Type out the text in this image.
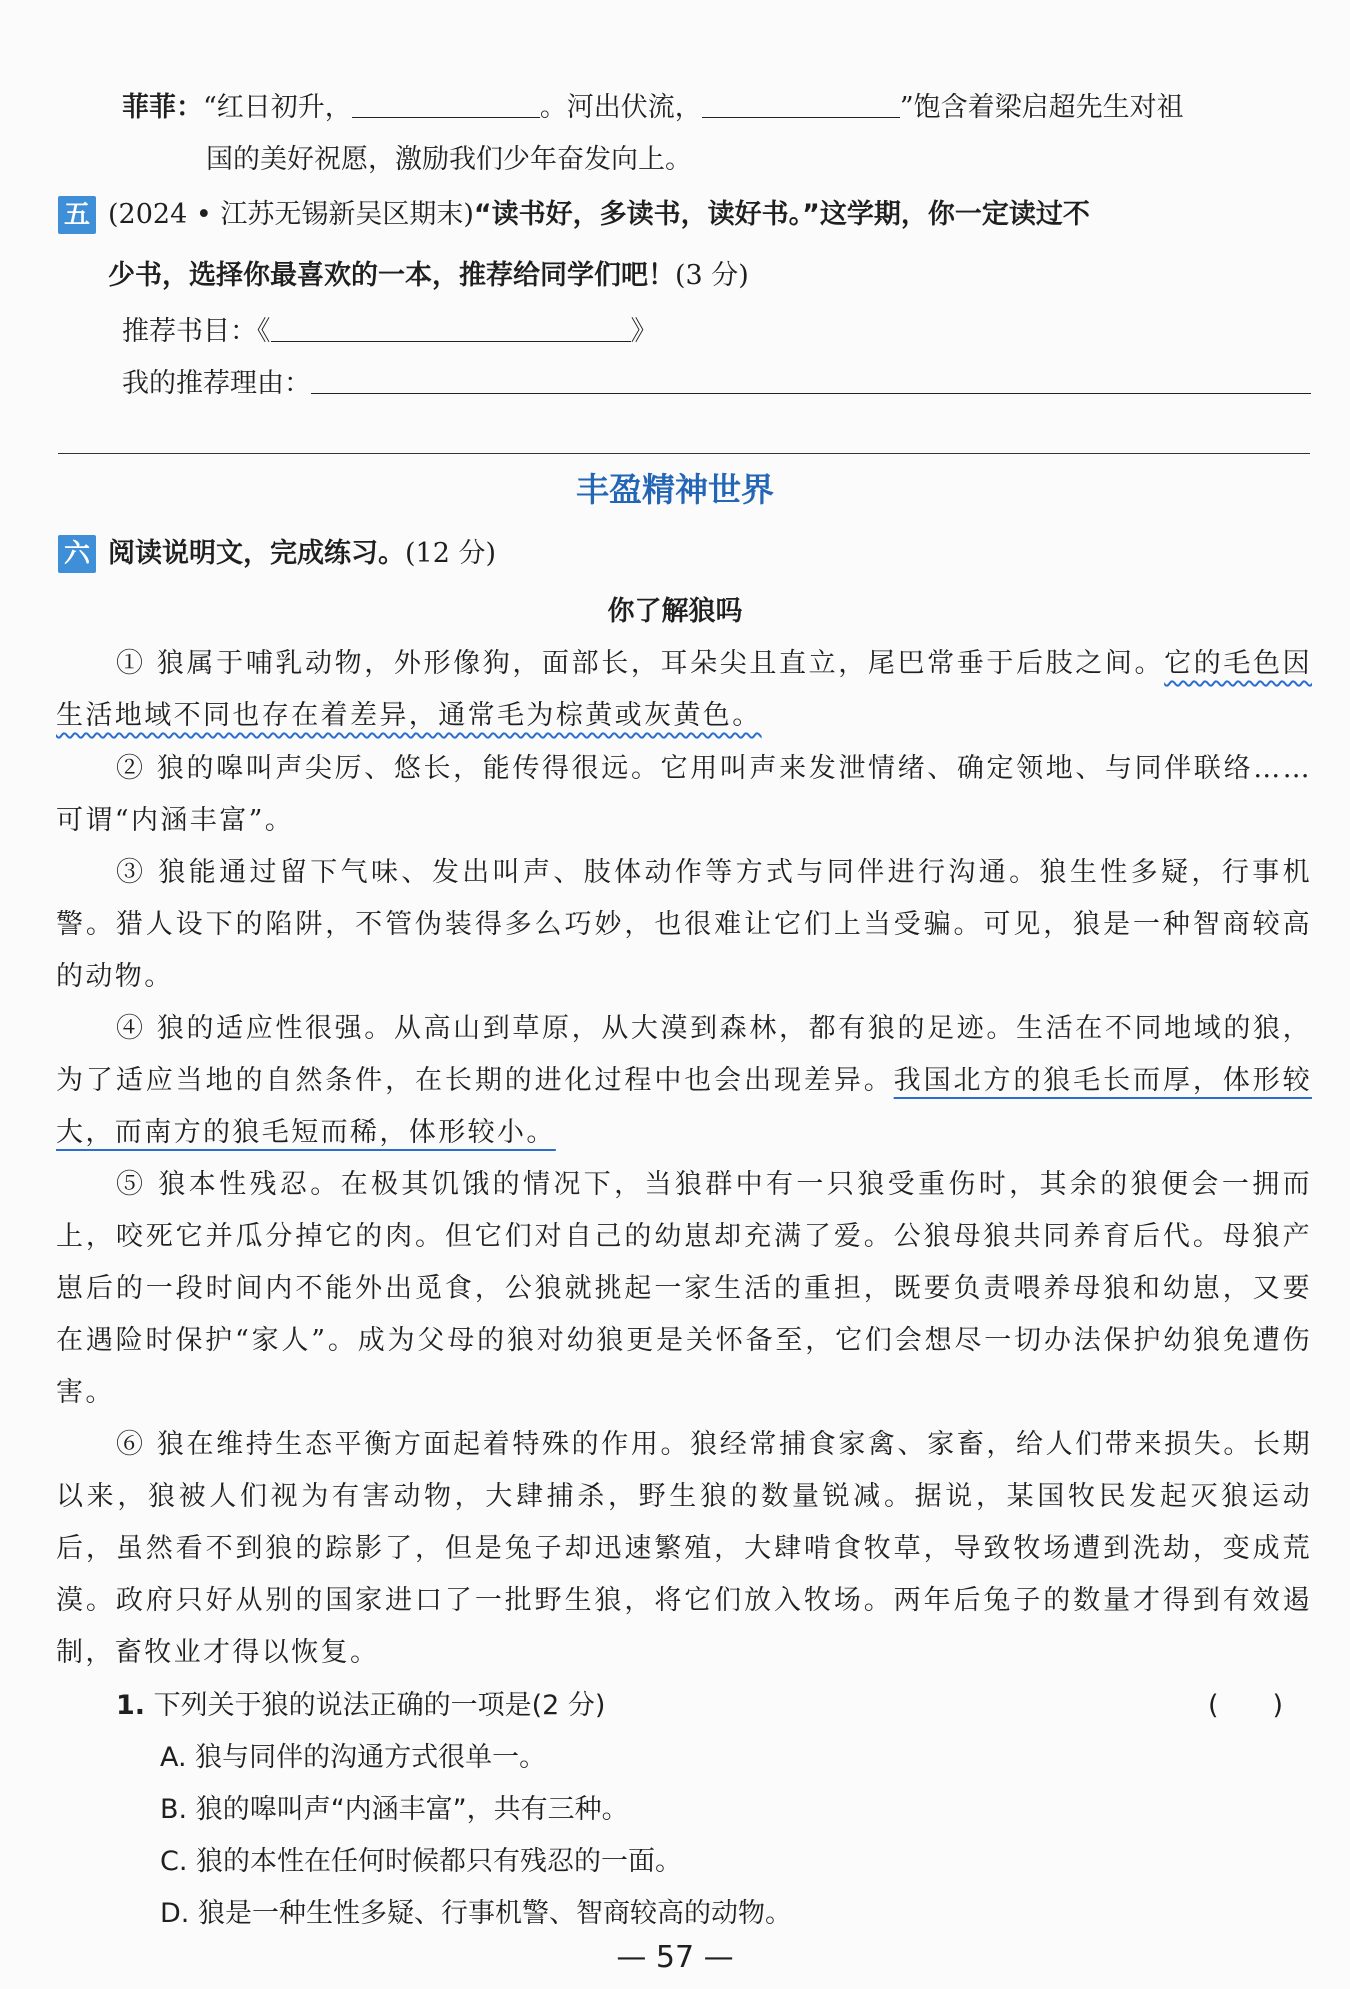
菲菲：“红日初升，	。河出伏流，	”饱含着梁启超先生对祖
国的美好祝愿，激励我们少年奋发向上。
五 (2024 • 江苏无锡新吴区期末)“读书好，多读书，读好书。”这学期，你一定读过不
少书，选择你最喜欢的一本，推荐给同学们吧！(3 分)
推荐书目：《	》
我的推荐理由：
丰盈精神世界
六 阅读说明文，完成练习。(12 分)
你了解狼吗
① 狼属于哺乳动物，外形像狗，面部长，耳朵尖且直立，尾巴常垂于后肢之间。它的毛色因生活地域不同也存在着差异，通常毛为棕黄或灰黄色。
② 狼的嗥叫声尖厉、悠长，能传得很远。它用叫声来发泄情绪、确定领地、与同伴联络……可谓“内涵丰富”。
③ 狼能通过留下气味、发出叫声、肢体动作等方式与同伴进行沟通。狼生性多疑，行事机警。猎人设下的陷阱，不管伪装得多么巧妙，也很难让它们上当受骗。可见，狼是一种智商较高的动物。
④ 狼的适应性很强。从高山到草原，从大漠到森林，都有狼的足迹。生活在不同地域的狼，为了适应当地的自然条件，在长期的进化过程中也会出现差异。我国北方的狼毛长而厚，体形较大，而南方的狼毛短而稀，体形较小。
⑤ 狼本性残忍。在极其饥饿的情况下，当狼群中有一只狼受重伤时，其余的狼便会一拥而上，咬死它并瓜分掉它的肉。但它们对自己的幼崽却充满了爱。公狼母狼共同养育后代。母狼产崽后的一段时间内不能外出觅食，公狼就挑起一家生活的重担，既要负责喂养母狼和幼崽，又要在遇险时保护“家人”。成为父母的狼对幼狼更是关怀备至，它们会想尽一切办法保护幼狼免遭伤害。
⑥ 狼在维持生态平衡方面起着特殊的作用。狼经常捕食家禽、家畜，给人们带来损失。长期以来，狼被人们视为有害动物，大肆捕杀，野生狼的数量锐减。据说，某国牧民发起灭狼运动后，虽然看不到狼的踪影了，但是兔子却迅速繁殖，大肆啃食牧草，导致牧场遭到洗劫，变成荒漠。政府只好从别的国家进口了一批野生狼，将它们放入牧场。两年后兔子的数量才得到有效遏制，畜牧业才得以恢复。
1. 下列关于狼的说法正确的一项是(2 分)	(　　)
A. 狼与同伴的沟通方式很单一。
B. 狼的嗥叫声“内涵丰富”，共有三种。
C. 狼的本性在任何时候都只有残忍的一面。
D. 狼是一种生性多疑、行事机警、智商较高的动物。
— 57 —
